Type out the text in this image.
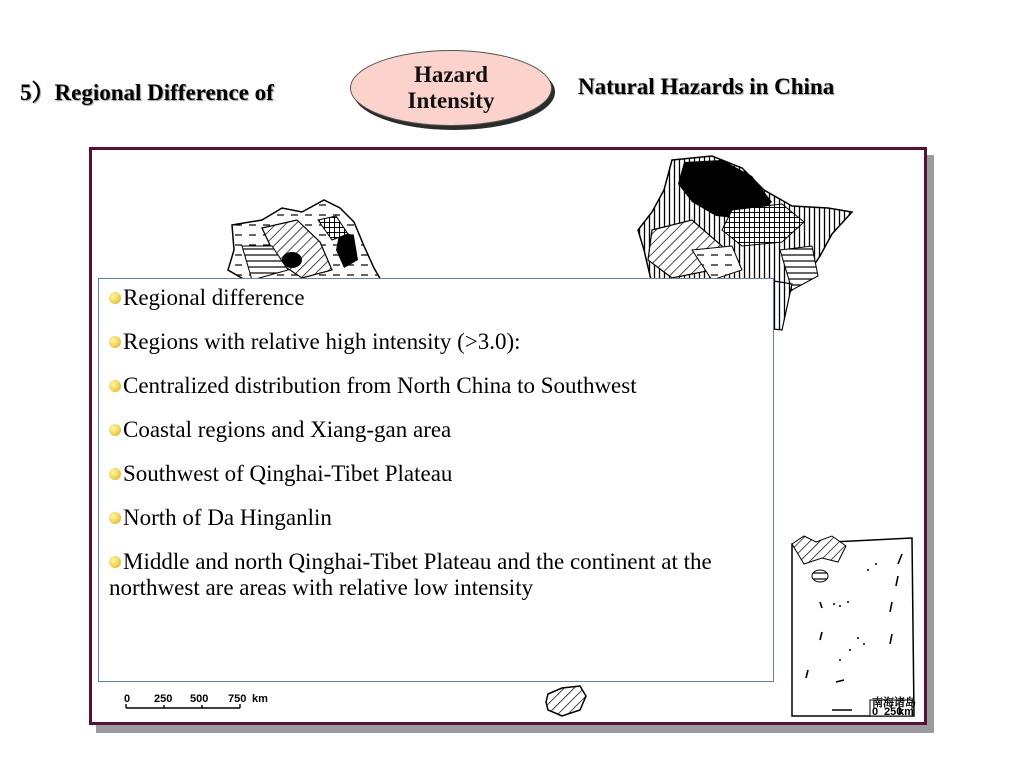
5）Regional Difference of
Hazard
Intensity
Natural Hazards in China
南海诸岛
0 250
km
0 250 500 750 km

Regional difference

Regions with relative high intensity (>3.0):

Centralized distribution from North China to Southwest

Coastal regions and Xiang-gan area

Southwest of Qinghai-Tibet Plateau

North of Da Hinganlin

Middle and north Qinghai-Tibet Plateau and the continent at the northwest are areas with relative low intensity
